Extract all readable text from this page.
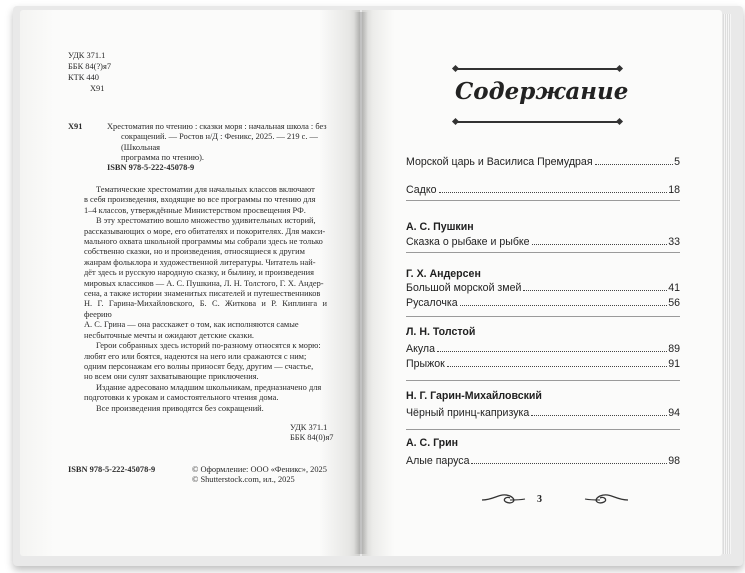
УДК 371.1
ББК 84(?)я7
КТК 440
Х91
Х91	Хрестоматия по чтению : сказки моря : начальная школа : без
сокращений. — Ростов н/Д : Феникс, 2025. — 219 с. — (Школьная
программа по чтению).
ISBN 978-5-222-45078-9
Тематические хрестоматии для начальных классов включают
в себя произведения, входящие во все программы по чтению для
1–4 классов, утверждённые Министерством просвещения РФ.
В эту хрестоматию вошло множество удивительных историй,
рассказывающих о море, его обитателях и покорителях. Для макси-
мального охвата школьной программы мы собрали здесь не только
собственно сказки, но и произведения, относящиеся к другим
жанрам фольклора и художественной литературы. Читатель най-
дёт здесь и русскую народную сказку, и былину, и произведения
мировых классиков — А. С. Пушкина, Л. Н. Толстого, Г. Х. Андер-
сена, а также истории знаменитых писателей и путешественников
Н. Г. Гарина-Михайловского, Б. С. Житкова и Р. Киплинга и феерию
А. С. Грина — она расскажет о том, как исполняются самые
несбыточные мечты и ожидают детские сказки.
Герои собранных здесь историй по-разному относятся к морю:
любят его или боятся, надеются на него или сражаются с ним;
одним персонажам его волны приносят беду, другим — счастье,
но всем они сулят захватывающие приключения.
Издание адресовано младшим школьникам, предназначено для
подготовки к урокам и самостоятельного чтения дома.
Все произведения приводятся без сокращений.
УДК 371.1
ББК 84(0)я7
ISBN 978-5-222-45078-9	© Оформление: ООО «Феникс», 2025
© Shutterstock.com, ил., 2025
Содержание
Морской царь и Василиса Премудрая	5
Садко	18
А. С. Пушкин
Сказка о рыбаке и рыбке	33
Г. Х. Андерсен
Большой морской змей	41
Русалочка	56
Л. Н. Толстой
Акула	89
Прыжок	91
Н. Г. Гарин-Михайловский
Чёрный принц-капризука	94
А. С. Грин
Алые паруса	98
3
